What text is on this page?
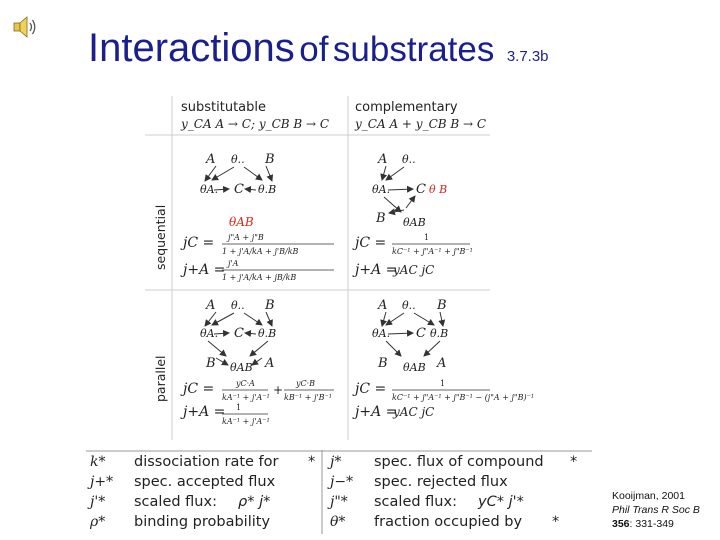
Interactions of substrates 3.7.3b
substitutable	complementary
y_CA A → C; y_CB B → C y_CA A + y_CB B → C
sequential
parallel
A θ.. B
θA. C θ.B
θAB
A θ..
θA. C θ B
B θAB
jC =
j+A =
j"A + j"B
1 + j'A/kA + j'B/kB
j'A
1 + j'A/kA + jB/kB
jC =
j+A =
1
kC⁻¹ + j"A⁻¹ + j"B⁻¹
yAC jC
A θ.. B
θA. C θ.B
B θAB A
A θ.. B
θA. C θ.B
B θAB A
jC =
j+A =
yC·A
kA⁻¹ + j'A⁻¹
+ yC·B
kB⁻¹ + j'B⁻¹
1
kA⁻¹ + j'A⁻¹
jC =
j+A =
1
kC⁻¹ + j"A⁻¹ + j"B⁻¹ − (j"A + j"B)⁻¹
yAC jC
k* dissociation rate for *
j+* spec. accepted flux
j'* scaled flux: ρ* j*
ρ* binding probability
j* spec. flux of compound *
j−* spec. rejected flux
j"* scaled flux: yC* j'*
θ* fraction occupied by *
Kooijman, 2001
Phil Trans R Soc B
356: 331-349
